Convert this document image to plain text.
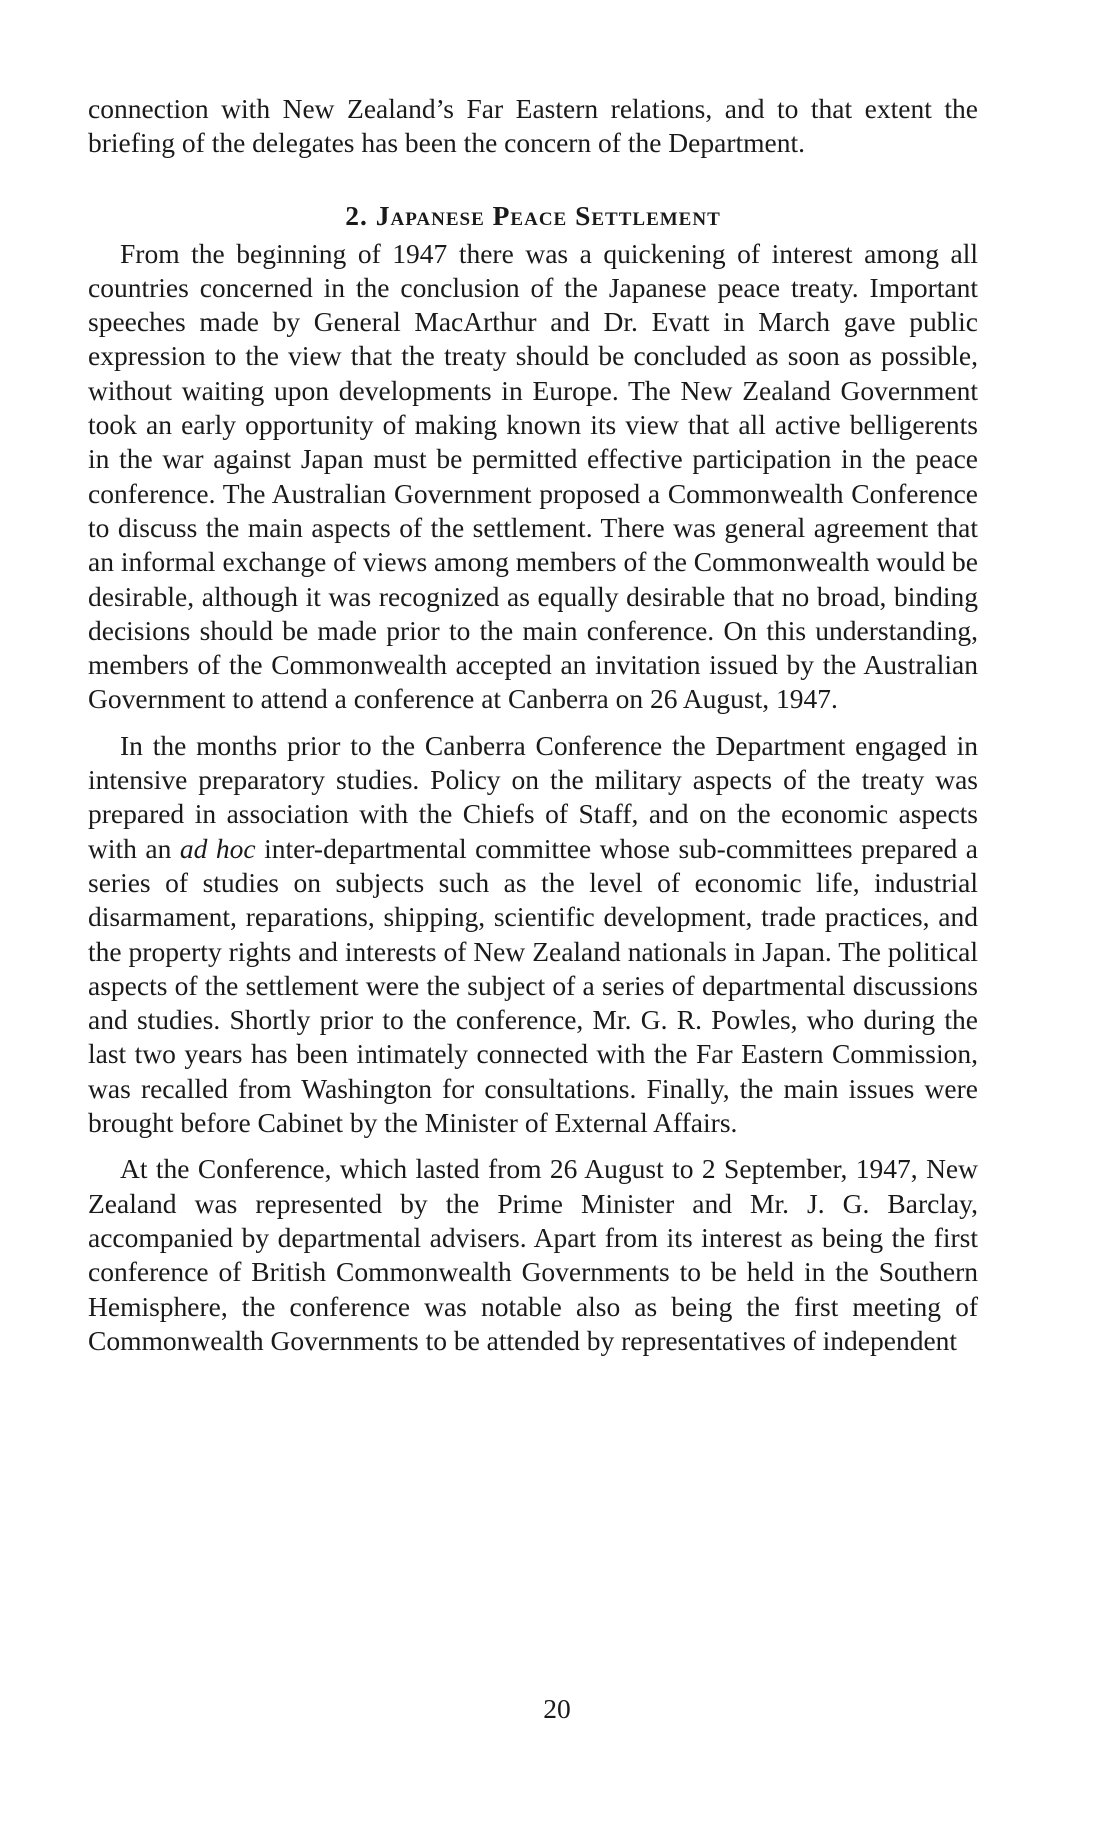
connection with New Zealand’s Far Eastern relations, and to that extent the briefing of the delegates has been the concern of the Department.

2. Japanese Peace Settlement

From the beginning of 1947 there was a quickening of interest among all countries concerned in the conclusion of the Japanese peace treaty. Important speeches made by General MacArthur and Dr. Evatt in March gave public expression to the view that the treaty should be concluded as soon as possible, without waiting upon developments in Europe. The New Zealand Government took an early opportunity of making known its view that all active belligerents in the war against Japan must be permitted effective participation in the peace conference. The Australian Government proposed a Commonwealth Conference to discuss the main aspects of the settlement. There was general agreement that an informal exchange of views among members of the Commonwealth would be desirable, although it was recognized as equally desirable that no broad, binding decisions should be made prior to the main conference. On this understanding, members of the Commonwealth accepted an invitation issued by the Australian Government to attend a conference at Canberra on 26 August, 1947.

In the months prior to the Canberra Conference the Department engaged in intensive preparatory studies. Policy on the military aspects of the treaty was prepared in association with the Chiefs of Staff, and on the economic aspects with an ad hoc inter-departmental committee whose sub-committees prepared a series of studies on subjects such as the level of economic life, industrial disarmament, reparations, shipping, scientific development, trade practices, and the property rights and interests of New Zealand nationals in Japan. The political aspects of the settlement were the subject of a series of departmental discussions and studies. Shortly prior to the conference, Mr. G. R. Powles, who during the last two years has been intimately connected with the Far Eastern Commission, was recalled from Washington for consultations. Finally, the main issues were brought before Cabinet by the Minister of External Affairs.

At the Conference, which lasted from 26 August to 2 September, 1947, New Zealand was represented by the Prime Minister and Mr. J. G. Barclay, accompanied by departmental advisers. Apart from its interest as being the first conference of British Commonwealth Governments to be held in the Southern Hemisphere, the conference was notable also as being the first meeting of Commonwealth Governments to be attended by representatives of independent

20
